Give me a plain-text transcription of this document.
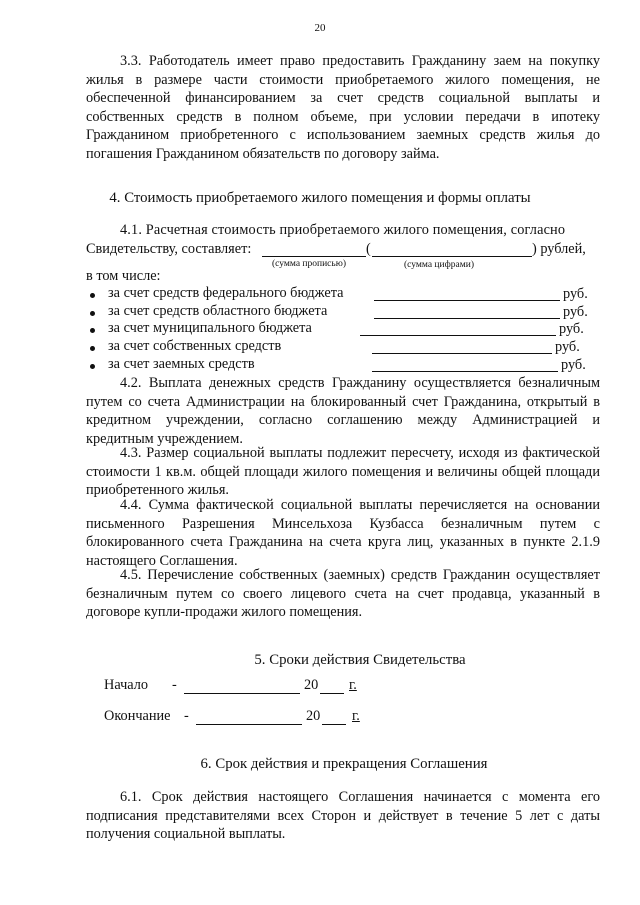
20

3.3. Работодатель имеет право предоставить Гражданину заем на покупку жилья в размере части стоимости приобретаемого жилого помещения, не обеспеченной финансированием за счет средств социальной выплаты и собственных средств в полном объеме, при условии передачи в ипотеку Гражданином приобретенного с использованием заемных средств жилья до погашения Гражданином обязательств по договору займа.

4. Стоимость приобретаемого жилого помещения и формы оплаты
4.1. Расчетная стоимость приобретаемого жилого помещения, согласно
Свидетельству, составляет:	(	) рублей,
(сумма прописью)	(сумма цифрами)
в том числе:
за счет средств федерального бюджета	руб.
за счет средств областного бюджета	руб.
за счет муниципального бюджета	руб.
за счет собственных средств	руб.
за счет заемных средств	руб.

4.2. Выплата денежных средств Гражданину осуществляется безналичным путем со счета Администрации на блокированный счет Гражданина, открытый в кредитном учреждении, согласно соглашению между Администрацией и кредитным учреждением.

4.3. Размер социальной выплаты подлежит пересчету, исходя из фактической стоимости 1 кв.м. общей площади жилого помещения и величины общей площади приобретенного жилья.

4.4. Сумма фактической социальной выплаты перечисляется на основании письменного Разрешения Минсельхоза Кузбасса безналичным путем с блокированного счета Гражданина на счета круга лиц, указанных в пункте 2.1.9 настоящего Соглашения.

4.5. Перечисление собственных (заемных) средств Гражданин осуществляет безналичным путем со своего лицевого счета на счет продавца, указанный в договоре купли-продажи жилого помещения.

5. Сроки действия Свидетельства
Начало -	20 г.
Окончание -	20 г.
6. Срок действия и прекращения Соглашения

6.1. Срок действия настоящего Соглашения начинается с момента его подписания представителями всех Сторон и действует в течение 5 лет с даты получения социальной выплаты.
